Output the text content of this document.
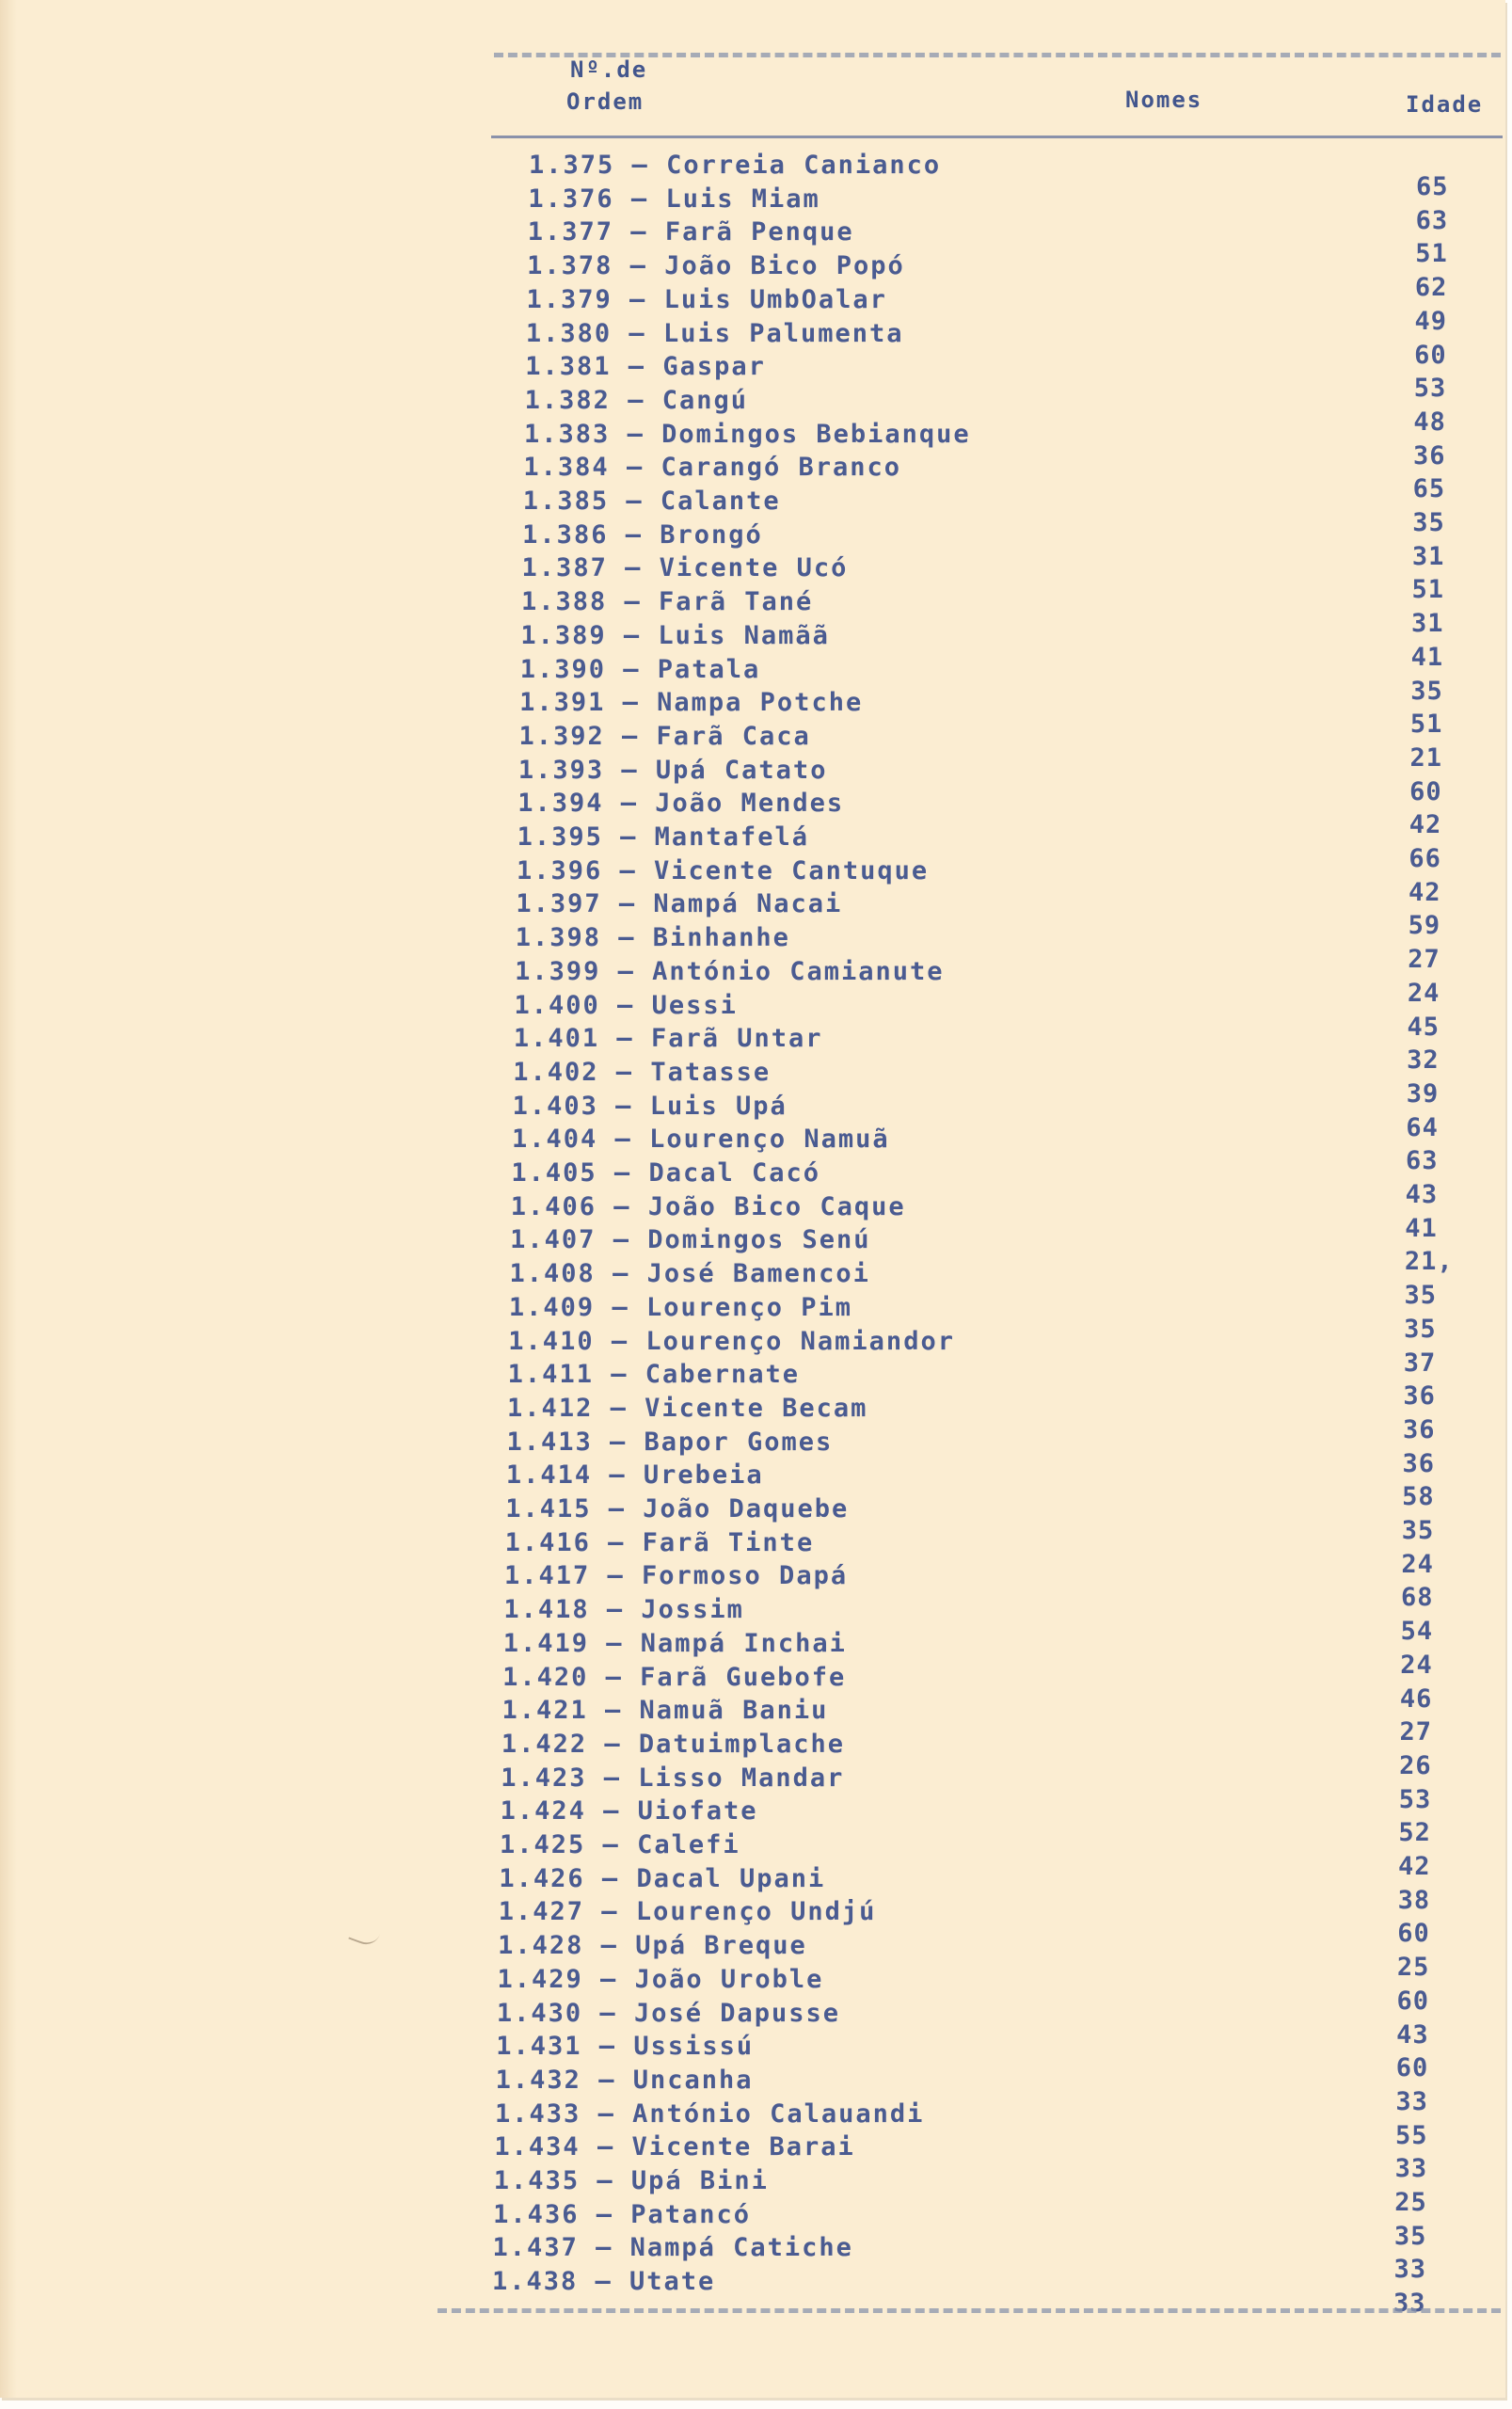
Nº.de
Ordem	Nomes	Idade
1.375 – Correia Canianco
1.376 – Luis Miam
1.377 – Farã Penque
1.378 – João Bico Popó
1.379 – Luis UmbOalar
1.380 – Luis Palumenta
1.381 – Gaspar
1.382 – Cangú
1.383 – Domingos Bebianque
1.384 – Carangó Branco
1.385 – Calante
1.386 – Brongó
1.387 – Vicente Ucó
1.388 – Farã Tané
1.389 – Luis Namãã
1.390 – Patala
1.391 – Nampa Potche
1.392 – Farã Caca
1.393 – Upá Catato
1.394 – João Mendes
1.395 – Mantafelá
1.396 – Vicente Cantuque
1.397 – Nampá Nacai
1.398 – Binhanhe
1.399 – António Camianute
1.400 – Uessi
1.401 – Farã Untar
1.402 – Tatasse
1.403 – Luis Upá
1.404 – Lourenço Namuã
1.405 – Dacal Cacó
1.406 – João Bico Caque
1.407 – Domingos Senú
1.408 – José Bamencoi
1.409 – Lourenço Pim
1.410 – Lourenço Namiandor
1.411 – Cabernate
1.412 – Vicente Becam
1.413 – Bapor Gomes
1.414 – Urebeia
1.415 – João Daquebe
1.416 – Farã Tinte
1.417 – Formoso Dapá
1.418 – Jossim
1.419 – Nampá Inchai
1.420 – Farã Guebofe
1.421 – Namuã Baniu
1.422 – Datuimplache
1.423 – Lisso Mandar
1.424 – Uiofate
1.425 – Calefi
1.426 – Dacal Upani
1.427 – Lourenço Undjú
1.428 – Upá Breque
1.429 – João Uroble
1.430 – José Dapusse
1.431 – Ussissú
1.432 – Uncanha
1.433 – António Calauandi
1.434 – Vicente Barai
1.435 – Upá Bini
1.436 – Patancó
1.437 – Nampá Catiche
1.438 – Utate
65
63
51
62
49
60
53
48
36
65
35
31
51
31
41
35
51
21
60
42
66
42
59
27
24
45
32
39
64
63
43
41
21,
35
35
37
36
36
36
58
35
24
68
54
24
46
27
26
53
52
42
38
60
25
60
43
60
33
55
33
25
35
33
33
